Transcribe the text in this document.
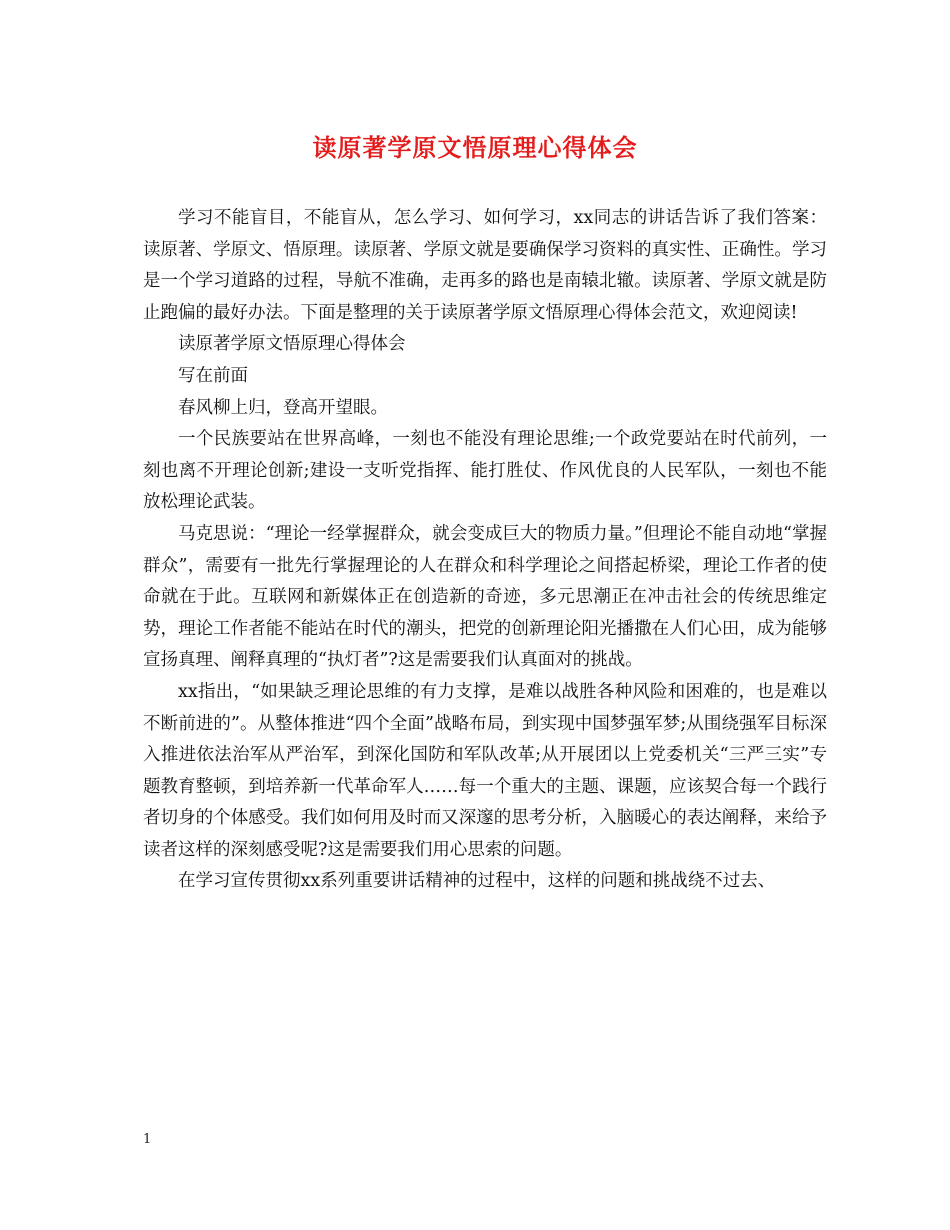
读原著学原文悟原理心得体会

学习不能盲目，不能盲从，怎么学习、如何学习，xx同志的讲话告诉了我们答案：读原著、学原文、悟原理。读原著、学原文就是要确保学习资料的真实性、正确性。学习是一个学习道路的过程，导航不准确，走再多的路也是南辕北辙。读原著、学原文就是防止跑偏的最好办法。下面是整理的关于读原著学原文悟原理心得体会范文，欢迎阅读!

读原著学原文悟原理心得体会

写在前面

春风柳上归，登高开望眼。

一个民族要站在世界高峰，一刻也不能没有理论思维;一个政党要站在时代前列，一刻也离不开理论创新;建设一支听党指挥、能打胜仗、作风优良的人民军队，一刻也不能放松理论武装。

马克思说：“理论一经掌握群众，就会变成巨大的物质力量。”但理论不能自动地“掌握群众”，需要有一批先行掌握理论的人在群众和科学理论之间搭起桥梁，理论工作者的使命就在于此。互联网和新媒体正在创造新的奇迹，多元思潮正在冲击社会的传统思维定势，理论工作者能不能站在时代的潮头，把党的创新理论阳光播撒在人们心田，成为能够宣扬真理、阐释真理的“执灯者”?这是需要我们认真面对的挑战。

xx指出，“如果缺乏理论思维的有力支撑，是难以战胜各种风险和困难的，也是难以不断前进的”。从整体推进“四个全面”战略布局，到实现中国梦强军梦;从围绕强军目标深入推进依法治军从严治军，到深化国防和军队改革;从开展团以上党委机关“三严三实”专题教育整顿，到培养新一代革命军人……每一个重大的主题、课题，应该契合每一个践行者切身的个体感受。我们如何用及时而又深邃的思考分析，入脑暖心的表达阐释，来给予读者这样的深刻感受呢?这是需要我们用心思索的问题。

在学习宣传贯彻xx系列重要讲话精神的过程中，这样的问题和挑战绕不过去、

1
